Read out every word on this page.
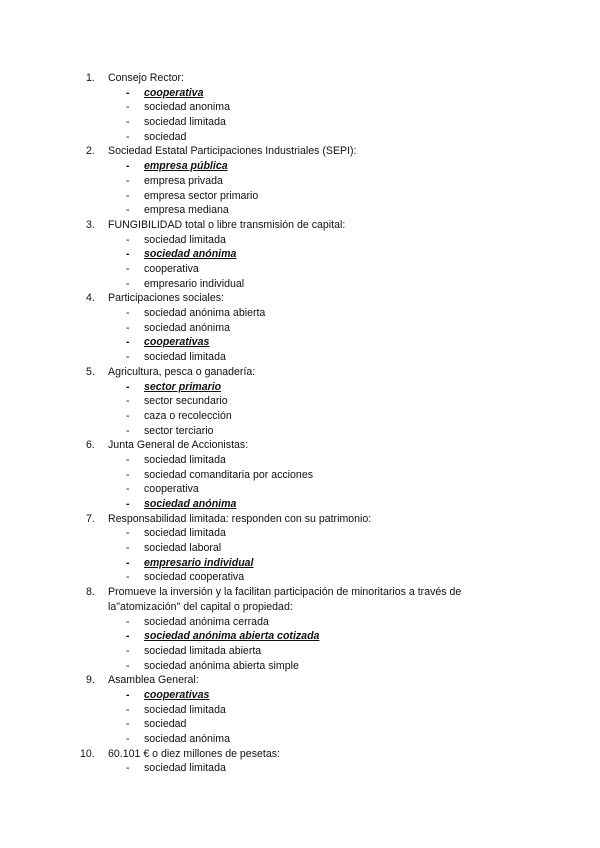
1.	Consejo Rector:
- cooperativa
- sociedad anonima
- sociedad limitada
- sociedad
2.	Sociedad Estatal Participaciones Industriales (SEPI):
- empresa pública
- empresa privada
- empresa sector primario
- empresa mediana
3.	FUNGIBILIDAD total o libre transmisión de capital:
- sociedad limitada
- sociedad anónima
- cooperativa
- empresario individual
4.	Participaciones sociales:
- sociedad anónima abierta
- sociedad anónima
- cooperativas
- sociedad limitada
5.	Agricultura, pesca o ganadería:
- sector primario
- sector secundario
- caza o recolección
- sector terciario
6.	Junta General de Accionistas:
- sociedad limitada
- sociedad comanditaria por acciones
- cooperativa
- sociedad anónima
7.	Responsabilidad limitada: responden con su patrimonio:
- sociedad limitada
- sociedad laboral
- empresario individual
- sociedad cooperativa
8.	Promueve la inversión y la facilitan participación de minoritarios a través de la"atomización" del capital o propiedad:
- sociedad anónima cerrada
- sociedad anónima abierta cotizada
- sociedad limitada abierta
- sociedad anónima abierta simple
9.	Asamblea General:
- cooperativas
- sociedad limitada
- sociedad
- sociedad anónima
10.	60.101 € o diez millones de pesetas:
- sociedad limitada
